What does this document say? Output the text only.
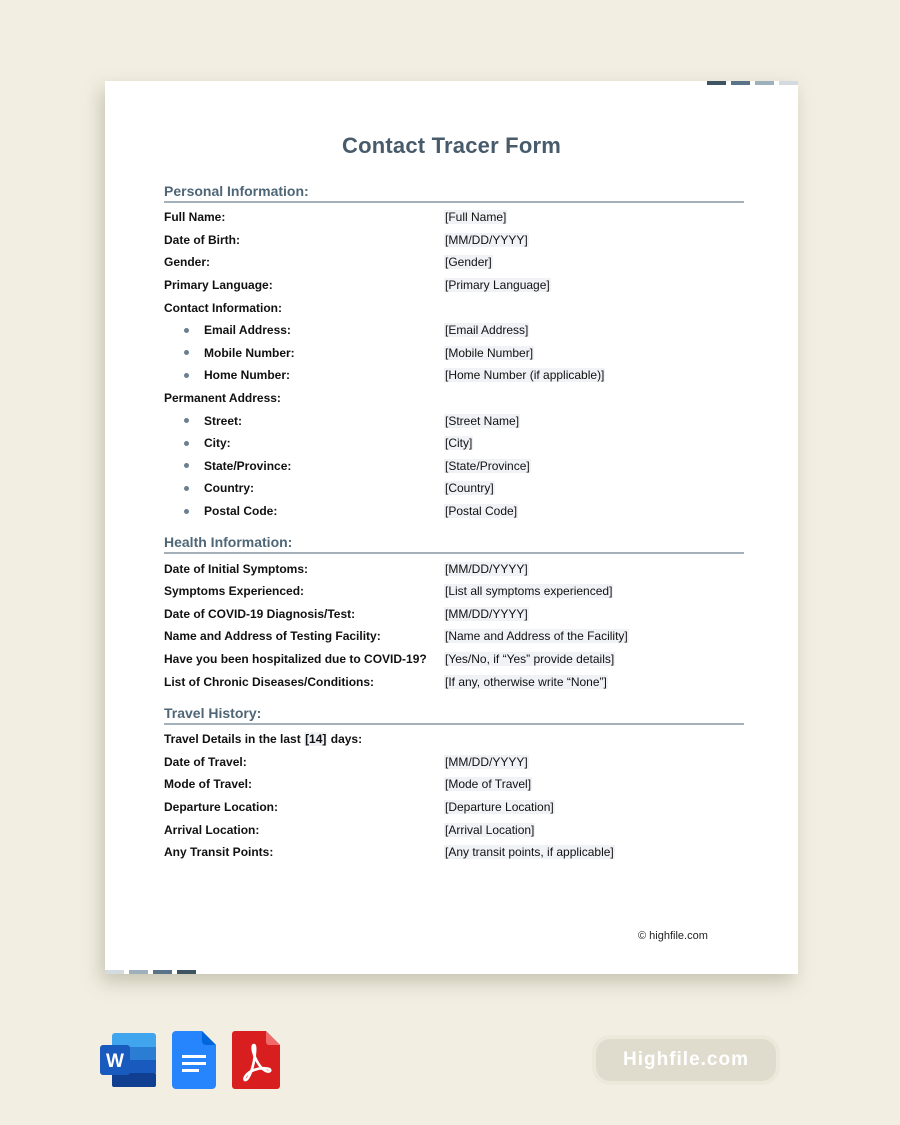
Contact Tracer Form
Personal Information:
Full Name:	[Full Name]
Date of Birth:	[MM/DD/YYYY]
Gender:	[Gender]
Primary Language:	[Primary Language]
Contact Information:
Email Address:	[Email Address]
Mobile Number:	[Mobile Number]
Home Number:	[Home Number (if applicable)]
Permanent Address:
Street:	[Street Name]
City:	[City]
State/Province:	[State/Province]
Country:	[Country]
Postal Code:	[Postal Code]
Health Information:
Date of Initial Symptoms:	[MM/DD/YYYY]
Symptoms Experienced:	[List all symptoms experienced]
Date of COVID-19 Diagnosis/Test:	[MM/DD/YYYY]
Name and Address of Testing Facility:	[Name and Address of the Facility]
Have you been hospitalized due to COVID-19? [Yes/No, if “Yes” provide details]
List of Chronic Diseases/Conditions:	[If any, otherwise write “None”]
Travel History:
Travel Details in the last [14] days:
Date of Travel:	[MM/DD/YYYY]
Mode of Travel:	[Mode of Travel]
Departure Location:	[Departure Location]
Arrival Location:	[Arrival Location]
Any Transit Points:	[Any transit points, if applicable]
© highfile.com
W	Highfile.com
